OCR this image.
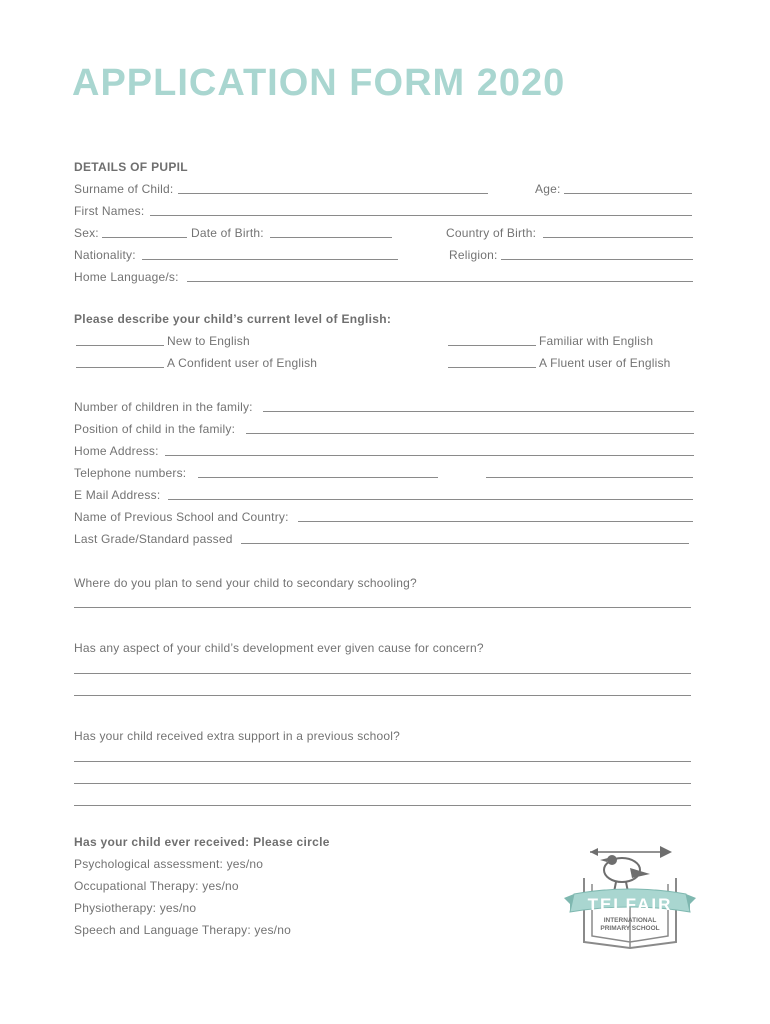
APPLICATION FORM 2020
DETAILS OF PUPIL
Surname of Child:	Age:
First Names:
Sex:	Date of Birth:	Country of Birth:
Nationality:	Religion:
Home Language/s:
Please describe your child’s current level of English:
New to English	Familiar with English
A Confident user of English	A Fluent user of English
Number of children in the family:
Position of child in the family:
Home Address:
Telephone numbers:
E Mail Address:
Name of Previous School and Country:
Last Grade/Standard passed
Where do you plan to send your child to secondary schooling?
Has any aspect of your child’s development ever given cause for concern?
Has your child received extra support in a previous school?
Has your child ever received: Please circle
Psychological assessment: yes/no
Occupational Therapy: yes/no
Physiotherapy: yes/no
Speech and Language Therapy: yes/no
TELFAIR
INTERNATIONAL
PRIMARY SCHOOL
